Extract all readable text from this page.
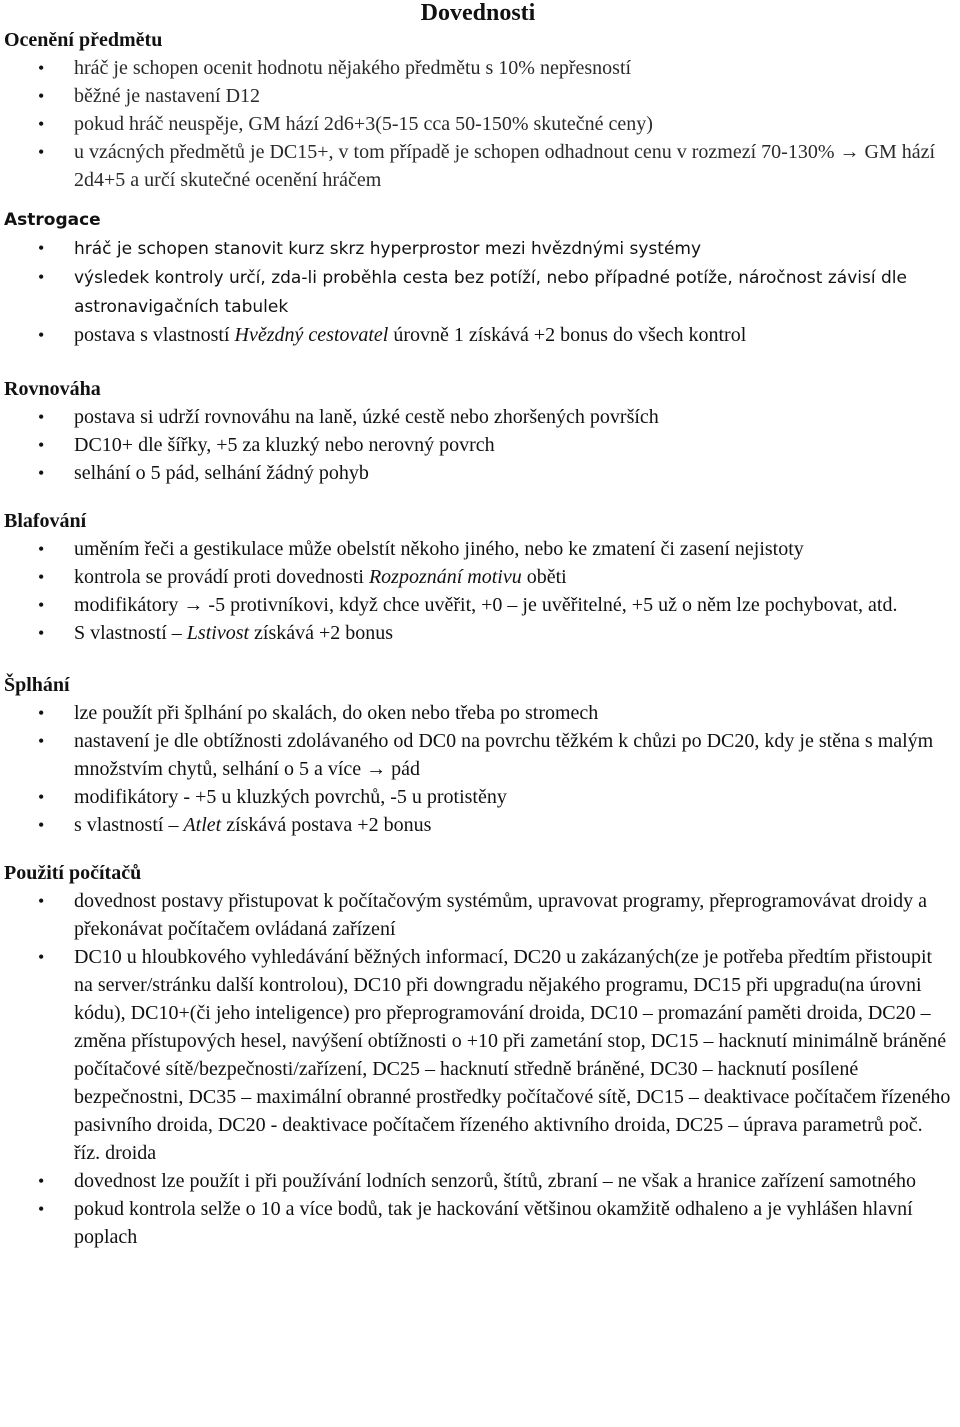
Dovednosti
Ocenění předmětu
• hráč je schopen ocenit hodnotu nějakého předmětu s 10% nepřesností
• běžné je nastavení D12
• pokud hráč neuspěje, GM hází 2d6+3(5-15 cca 50-150% skutečné ceny)
• u vzácných předmětů je DC15+, v tom případě je schopen odhadnout cenu v rozmezí 70-130% → GM hází 2d4+5 a určí skutečné ocenění hráčem
Astrogace
• hráč je schopen stanovit kurz skrz hyperprostor mezi hvězdnými systémy
• výsledek kontroly určí, zda-li proběhla cesta bez potíží, nebo případné potíže, náročnost závisí dle astronavigačních tabulek
• postava s vlastností Hvězdný cestovatel úrovně 1 získává +2 bonus do všech kontrol
Rovnováha
• postava si udrží rovnováhu na laně, úzké cestě nebo zhoršených površích
• DC10+ dle šířky, +5 za kluzký nebo nerovný povrch
• selhání o 5 pád, selhání žádný pohyb
Blafování
• uměním řeči a gestikulace může obelstít někoho jiného, nebo ke zmatení či zasení nejistoty
• kontrola se provádí proti dovednosti Rozpoznání motivu oběti
• modifikátory → -5 protivníkovi, když chce uvěřit, +0 – je uvěřitelné, +5 už o něm lze pochybovat, atd.
• S vlastností – Lstivost získává +2 bonus
Šplhání
• lze použít při šplhání po skalách, do oken nebo třeba po stromech
• nastavení je dle obtížnosti zdolávaného od DC0 na povrchu těžkém k chůzi po DC20, kdy je stěna s malým množstvím chytů, selhání o 5 a více → pád
• modifikátory - +5 u kluzkých povrchů, -5 u protistěny
• s vlastností – Atlet získává postava +2 bonus
Použití počítačů
• dovednost postavy přistupovat k počítačovým systémům, upravovat programy, přeprogramovávat droidy a překonávat počítačem ovládaná zařízení
• DC10 u hloubkového vyhledávání běžných informací, DC20 u zakázaných(ze je potřeba předtím přistoupit na server/stránku další kontrolou), DC10 při downgradu nějakého programu, DC15 při upgradu(na úrovni kódu), DC10+(či jeho inteligence) pro přeprogramování droida, DC10 – promazání paměti droida, DC20 – změna přístupových hesel, navýšení obtížnosti o +10 při zametání stop, DC15 – hacknutí minimálně bráněné počítačové sítě/bezpečnosti/zařízení, DC25 – hacknutí středně bráněné, DC30 – hacknutí posílené bezpečnostni, DC35 – maximální obranné prostředky počítačové sítě, DC15 – deaktivace počítačem řízeného pasivního droida, DC20 - deaktivace počítačem řízeného aktivního droida, DC25 – úprava parametrů poč. říz. droida
• dovednost lze použít i při používání lodních senzorů, štítů, zbraní – ne však a hranice zařízení samotného
• pokud kontrola selže o 10 a více bodů, tak je hackování většinou okamžitě odhaleno a je vyhlášen hlavní poplach
